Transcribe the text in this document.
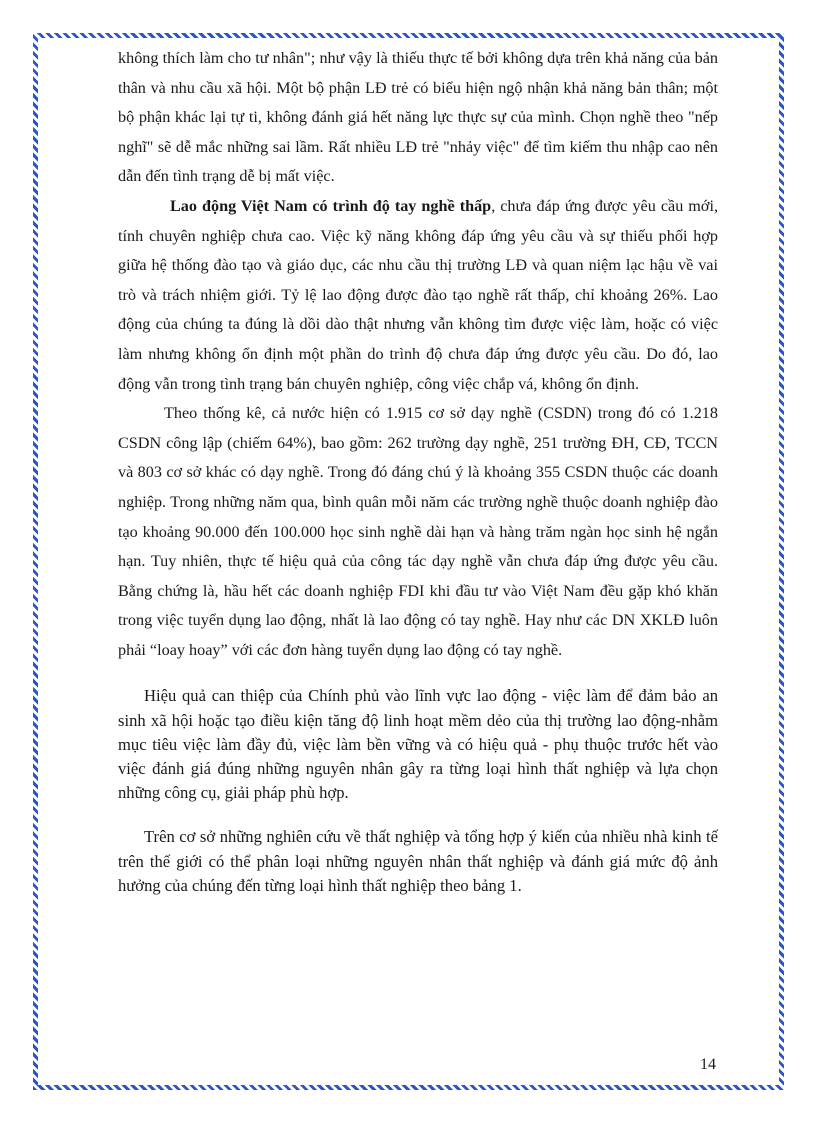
không thích làm cho tư nhân"; như vậy là thiếu thực tế bởi không dựa trên khả năng của bản thân và nhu cầu xã hội. Một bộ phận LĐ trẻ có biểu hiện ngộ nhận khả năng bản thân; một bộ phận khác lại tự ti, không đánh giá hết năng lực thực sự của mình. Chọn nghề theo "nếp nghĩ" sẽ dễ mắc những sai lầm. Rất nhiều LĐ trẻ "nhảy việc" để tìm kiếm thu nhập cao nên dẫn đến tình trạng dễ bị mất việc.

Lao động Việt Nam có trình độ tay nghề thấp, chưa đáp ứng được yêu cầu mới, tính chuyên nghiệp chưa cao. Việc kỹ năng không đáp ứng yêu cầu và sự thiếu phối hợp giữa hệ thống đào tạo và giáo dục, các nhu cầu thị trường LĐ và quan niệm lạc hậu về vai trò và trách nhiệm giới. Tỷ lệ lao động được đào tạo nghề rất thấp, chỉ khoảng 26%. Lao động của chúng ta đúng là dồi dào thật nhưng vẫn không tìm được việc làm, hoặc có việc làm nhưng không ổn định một phần do trình độ chưa đáp ứng được yêu cầu. Do đó, lao động vẫn trong tình trạng bán chuyên nghiệp, công việc chắp vá, không ổn định.

Theo thống kê, cả nước hiện có 1.915 cơ sở dạy nghề (CSDN) trong đó có 1.218 CSDN công lập (chiếm 64%), bao gồm: 262 trường dạy nghề, 251 trường ĐH, CĐ, TCCN và 803 cơ sở khác có dạy nghề. Trong đó đáng chú ý là khoảng 355 CSDN thuộc các doanh nghiệp. Trong những năm qua, bình quân mỗi năm các trường nghề thuộc doanh nghiệp đào tạo khoảng 90.000 đến 100.000 học sinh nghề dài hạn và hàng trăm ngàn học sinh hệ ngắn hạn. Tuy nhiên, thực tế hiệu quả của công tác dạy nghề vẫn chưa đáp ứng được yêu cầu. Bằng chứng là, hầu hết các doanh nghiệp FDI khi đầu tư vào Việt Nam đều gặp khó khăn trong việc tuyển dụng lao động, nhất là lao động có tay nghề. Hay như các DN XKLĐ luôn phải “loay hoay” với các đơn hàng tuyển dụng lao động có tay nghề.

Hiệu quả can thiệp của Chính phủ vào lĩnh vực lao động - việc làm để đảm bảo an sinh xã hội hoặc tạo điều kiện tăng độ linh hoạt mềm dẻo của thị trường lao động-nhằm mục tiêu việc làm đầy đủ, việc làm bền vững và có hiệu quả - phụ thuộc trước hết vào việc đánh giá đúng những nguyên nhân gây ra từng loại hình thất nghiệp và lựa chọn những công cụ, giải pháp phù hợp.

Trên cơ sở những nghiên cứu về thất nghiệp và tổng hợp ý kiến của nhiều nhà kinh tế trên thế giới có thể phân loại những nguyên nhân thất nghiệp và đánh giá mức độ ảnh hưởng của chúng đến từng loại hình thất nghiệp theo bảng 1.

14
